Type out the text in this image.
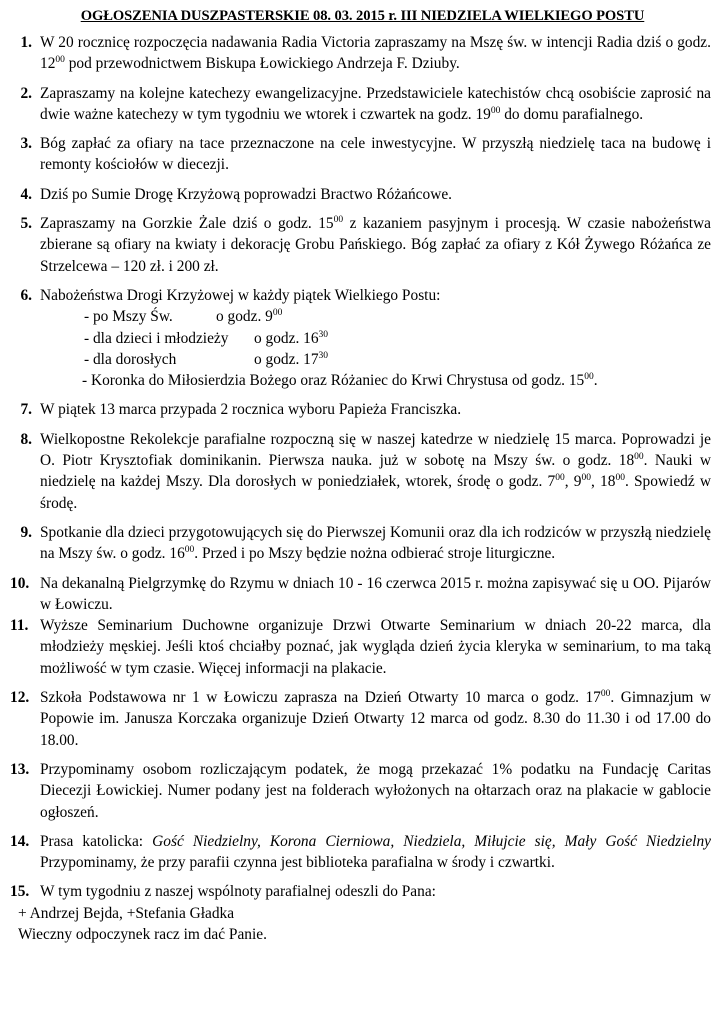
OGŁOSZENIA DUSZPASTERSKIE 08. 03. 2015 r. III NIEDZIELA WIELKIEGO POSTU
1. W 20 rocznicę rozpoczęcia nadawania Radia Victoria zapraszamy na Mszę św. w intencji Radia dziś o godz. $12^{00}$ pod przewodnictwem Biskupa Łowickiego Andrzeja F. Dziuby.
2. Zapraszamy na kolejne katechezy ewangelizacyjne. Przedstawiciele katechistów chcą osobiście zaprosić na dwie ważne katechezy w tym tygodniu we wtorek i czwartek na godz. $19^{00}$ do domu parafialnego.
3. Bóg zapłać za ofiary na tace przeznaczone na cele inwestycyjne. W przyszłą niedzielę taca na budowę i remonty kościołów w diecezji.
4. Dziś po Sumie Drogę Krzyżową poprowadzi Bractwo Różańcowe.
5. Zapraszamy na Gorzkie Żale dziś o godz. $15^{00}$ z kazaniem pasyjnym i procesją. W czasie nabożeństwa zbierane są ofiary na kwiaty i dekorację Grobu Pańskiego. Bóg zapłać za ofiary z Kół Żywego Różańca ze Strzelcewa – 120 zł. i 200 zł.
6. Nabożeństwa Drogi Krzyżowej w każdy piątek Wielkiego Postu:
- po Mszy Św.	o godz. $9^{00}$
- dla dzieci i młodzieży o godz. $16^{30}$
- dla dorosłych	o godz. $17^{30}$
- Koronka do Miłosierdzia Bożego oraz Różaniec do Krwi Chrystusa od godz. $15^{00}$.
7. W piątek 13 marca przypada 2 rocznica wyboru Papieża Franciszka.
8. Wielkopostne Rekolekcje parafialne rozpoczną się w naszej katedrze w niedzielę 15 marca. Poprowadzi je O. Piotr Krysztofiak dominikanin. Pierwsza nauka. już w sobotę na Mszy św. o godz. $18^{00}$. Nauki w niedzielę na każdej Mszy. Dla dorosłych w poniedziałek, wtorek, środę o godz. $7^{00}$, $9^{00}$, $18^{00}$. Spowiedź w środę.
9. Spotkanie dla dzieci przygotowujących się do Pierwszej Komunii oraz dla ich rodziców w przyszłą niedzielę na Mszy św. o godz. $16^{00}$. Przed i po Mszy będzie nożna odbierać stroje liturgiczne.
10. Na dekanalną Pielgrzymkę do Rzymu w dniach 10 - 16 czerwca 2015 r. można zapisywać się u OO. Pijarów w Łowiczu.
11. Wyższe Seminarium Duchowne organizuje Drzwi Otwarte Seminarium w dniach 20-22 marca, dla młodzieży męskiej. Jeśli ktoś chciałby poznać, jak wygląda dzień życia kleryka w seminarium, to ma taką możliwość w tym czasie. Więcej informacji na plakacie.
12. Szkoła Podstawowa nr 1 w Łowiczu zaprasza na Dzień Otwarty 10 marca o godz. $17^{00}$. Gimnazjum w Popowie im. Janusza Korczaka organizuje Dzień Otwarty 12 marca od godz. 8.30 do 11.30 i od 17.00 do 18.00.
13. Przypominamy osobom rozliczającym podatek, że mogą przekazać 1% podatku na Fundację Caritas Diecezji Łowickiej. Numer podany jest na folderach wyłożonych na ołtarzach oraz na plakacie w gablocie ogłoszeń.
14. Prasa katolicka: Gość Niedzielny, Korona Cierniowa, Niedziela, Miłujcie się, Mały Gość Niedzielny Przypominamy, że przy parafii czynna jest biblioteka parafialna w środy i czwartki.
15. W tym tygodniu z naszej wspólnoty parafialnej odeszli do Pana:
+ Andrzej Bejda, +Stefania Gładka
Wieczny odpoczynek racz im dać Panie.
